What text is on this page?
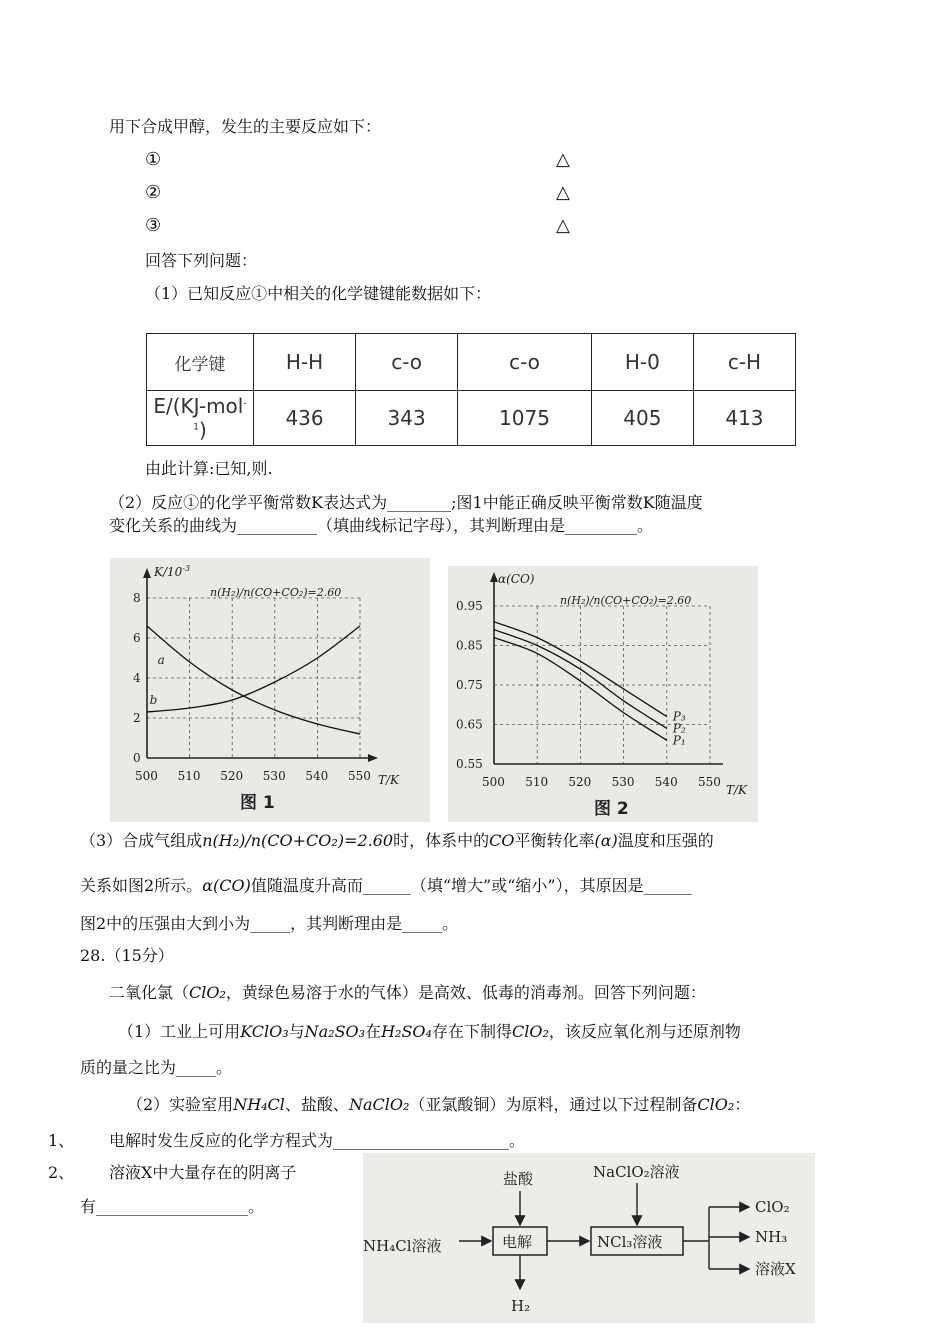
用下合成甲醇，发生的主要反应如下：
①	△
②	△
③	△
回答下列问题：
（1）已知反应①中相关的化学键键能数据如下：
化学键	H-H	c-o	c-o	H-0	c-H
E/(KJ-mol$^{-1}$)	436	343	1075	405	413
由此计算:已知,则.
（2）反应①的化学平衡常数K表达式为________;图1中能正确反映平衡常数K随温度
变化关系的曲线为__________（填曲线标记字母），其判断理由是_________。
$K/10^{-3}$
n(H₂)/n(CO+CO₂)=2.60
500 510 520 530 540 550
0
2
4
6
8
a
b
T/K
图 1
α(CO)
n(H₂)/n(CO+CO₂)=2.60
500 510 520 530 540 550
0.55
0.65
0.75
0.85
0.95
P₃
P₂
P₁
T/K
图 2
（3）合成气组成n(H₂)/n(CO+CO₂)=2.60时，体系中的CO平衡转化率(α)温度和压强的
关系如图2所示。α(CO)值随温度升高而______（填“增大”或“缩小”），其原因是______
图2中的压强由大到小为_____，其判断理由是_____。
28.（15分）
二氧化氯（ClO₂，黄绿色易溶于水的气体）是高效、低毒的消毒剂。回答下列问题：
（1）工业上可用KClO₃与Na₂SO₃在H₂SO₄存在下制得ClO₂，该反应氧化剂与还原剂物
质的量之比为_____。
（2）实验室用NH₄Cl、盐酸、NaClO₂（亚氯酸铜）为原料，通过以下过程制备ClO₂：
1、 电解时发生反应的化学方程式为______________________。
2、 溶液X中大量存在的阴离子
有___________________。
盐酸	NaClO₂溶液
NH₄Cl溶液	电解	NCl₃溶液
H₂
ClO₂
NH₃
溶液X
